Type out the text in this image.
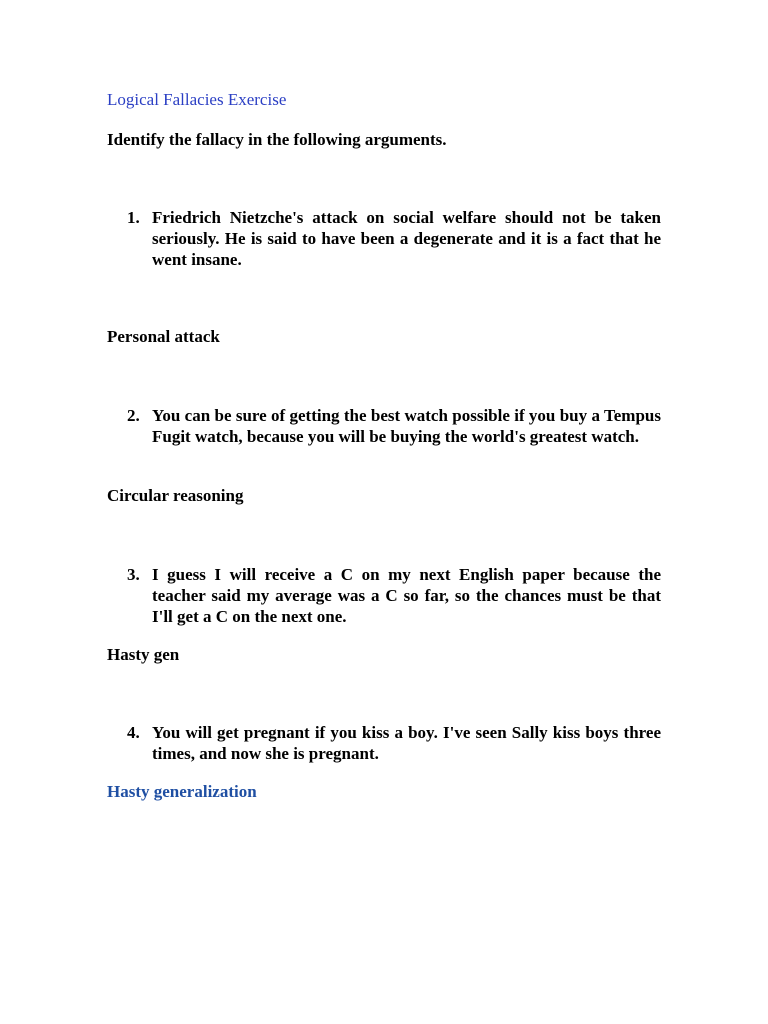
Logical Fallacies Exercise
Identify the fallacy in the following arguments.
1. Friedrich Nietzche's attack on social welfare should not be taken seriously. He is said to have been a degenerate and it is a fact that he went insane.
Personal attack
2. You can be sure of getting the best watch possible if you buy a Tempus Fugit watch, because you will be buying the world's greatest watch.
Circular reasoning
3. I guess I will receive a C on my next English paper because the teacher said my average was a C so far, so the chances must be that I'll get a C on the next one.
Hasty gen
4. You will get pregnant if you kiss a boy. I've seen Sally kiss boys three times, and now she is pregnant.
Hasty generalization
